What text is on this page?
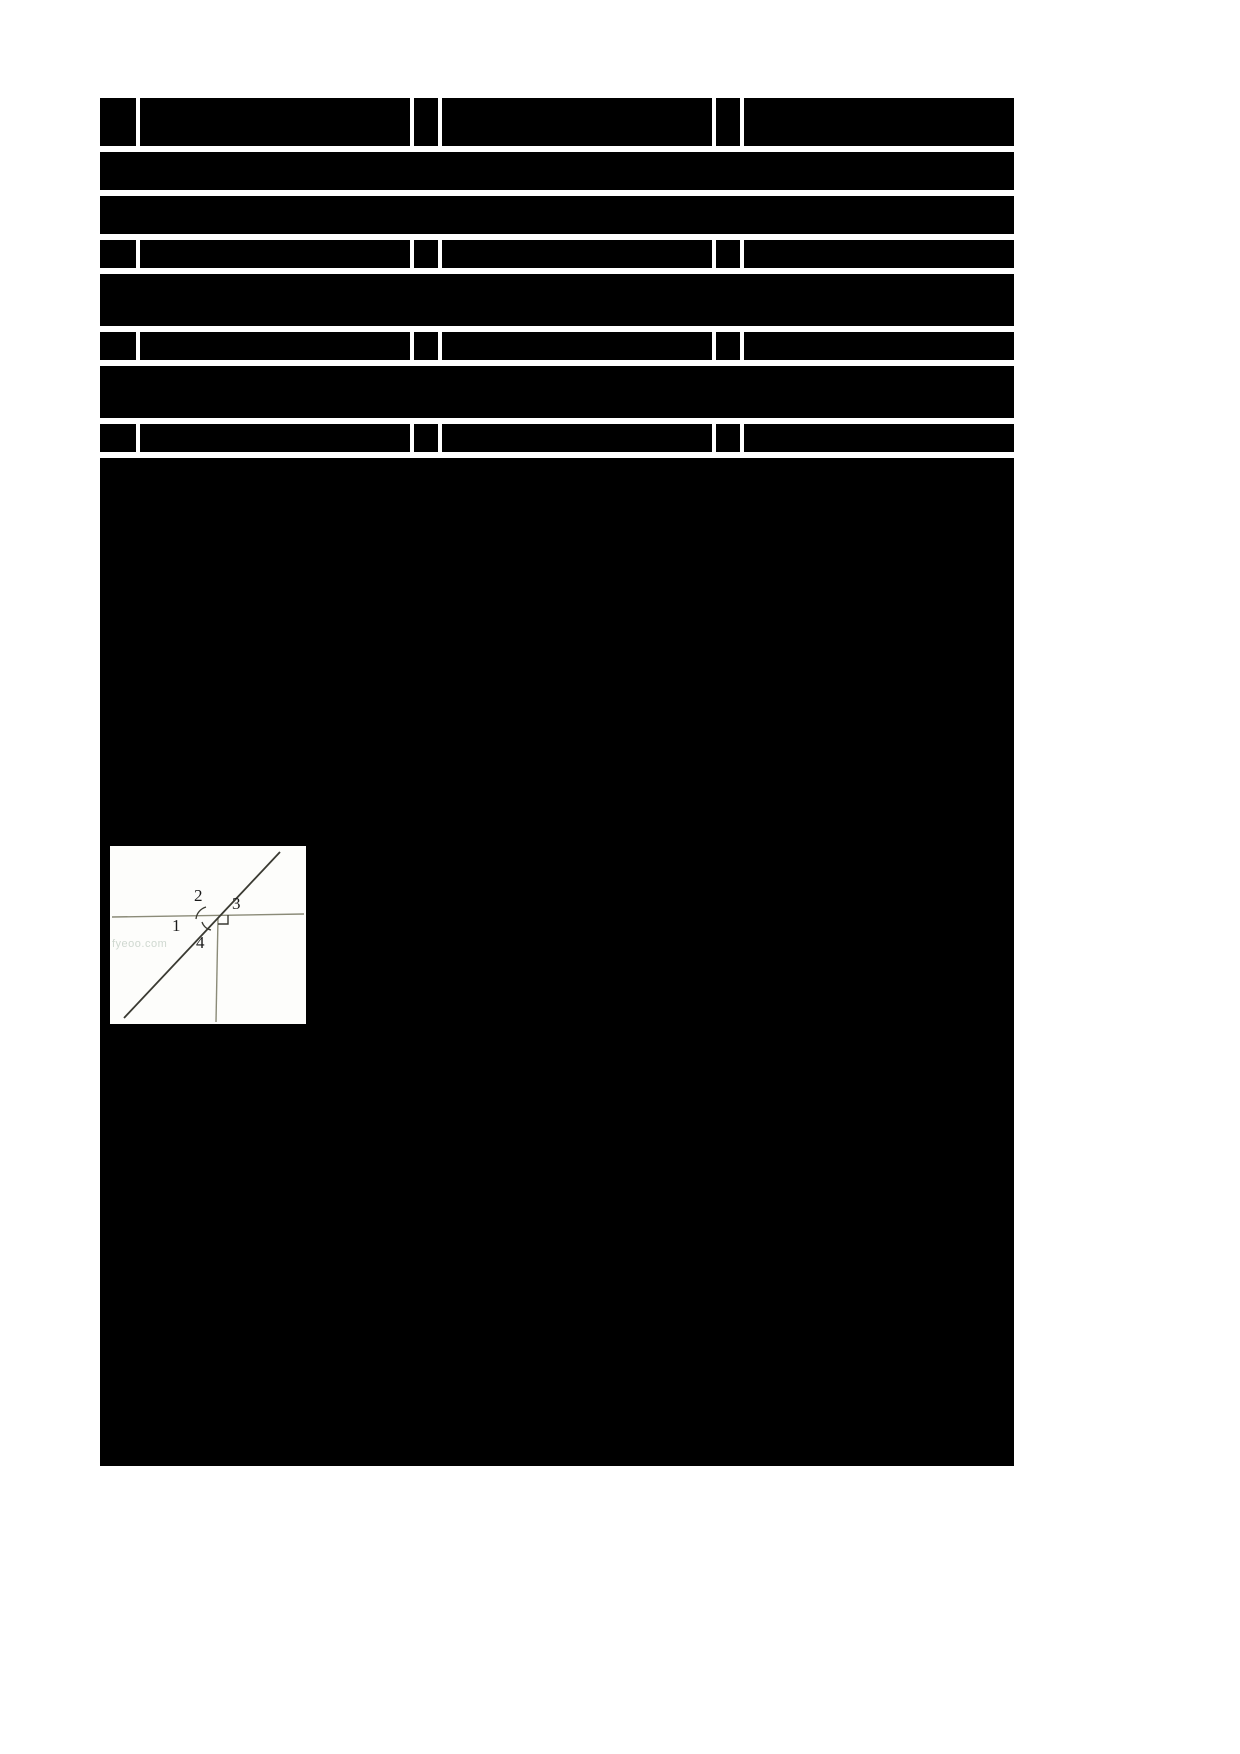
2 3
1
4
fyeoo.com
